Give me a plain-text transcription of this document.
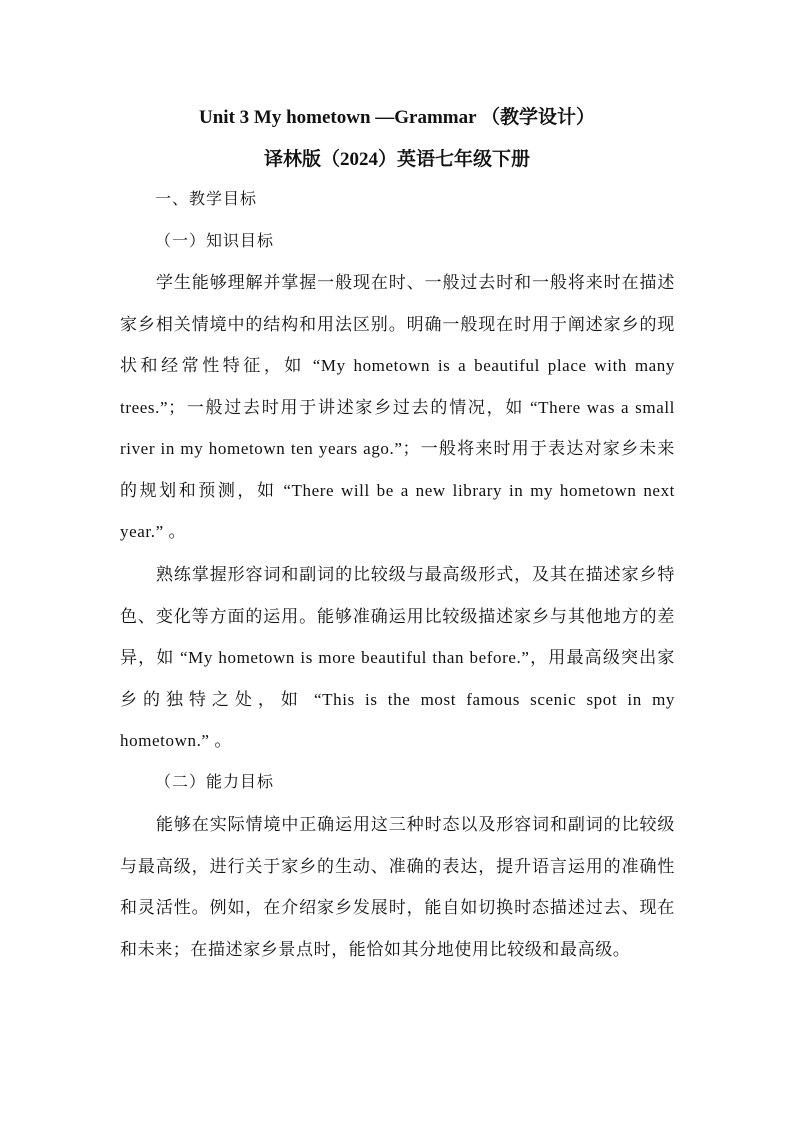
Unit 3 My hometown —Grammar （教学设计）
译林版（2024）英语七年级下册
一、教学目标
（一）知识目标

学生能够理解并掌握一般现在时、一般过去时和一般将来时在描述家乡相关情境中的结构和用法区别。明确一般现在时用于阐述家乡的现状和经常性特征，如 “My hometown is a beautiful place with many trees.”；一般过去时用于讲述家乡过去的情况，如 “There was a small river in my hometown ten years ago.”；一般将来时用于表达对家乡未来的规划和预测，如 “There will be a new library in my hometown next year.” 。

熟练掌握形容词和副词的比较级与最高级形式，及其在描述家乡特色、变化等方面的运用。能够准确运用比较级描述家乡与其他地方的差异，如 “My hometown is more beautiful than before.”，用最高级突出家乡的独特之处，如 “This is the most famous scenic spot in my hometown.” 。

（二）能力目标

能够在实际情境中正确运用这三种时态以及形容词和副词的比较级与最高级，进行关于家乡的生动、准确的表达，提升语言运用的准确性和灵活性。例如，在介绍家乡发展时，能自如切换时态描述过去、现在和未来；在描述家乡景点时，能恰如其分地使用比较级和最高级。
